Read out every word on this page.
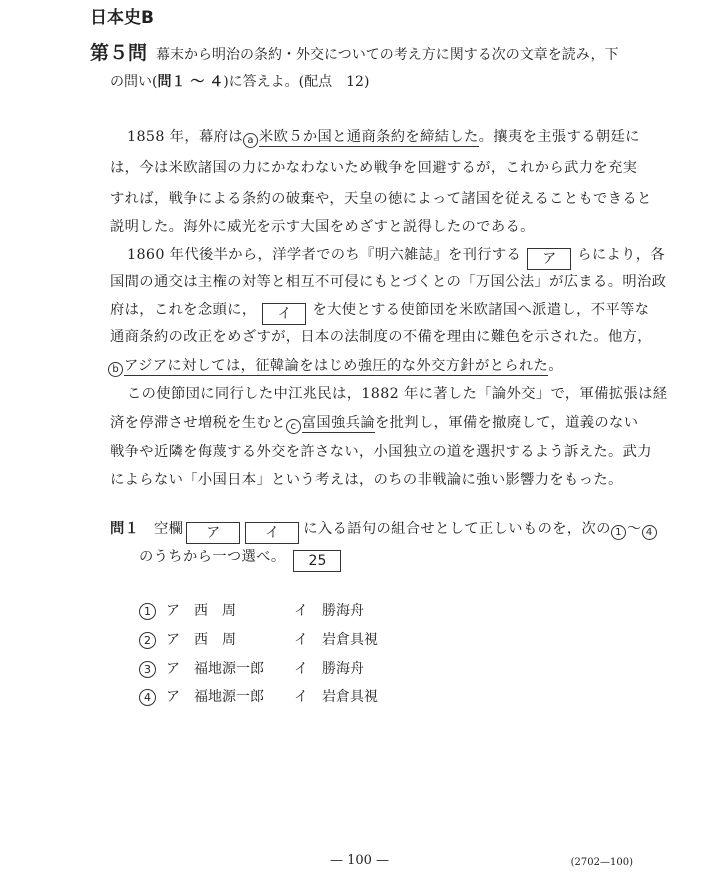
日本史B
第５問 幕末から明治の条約・外交についての考え方に関する次の文章を読み，下
の問い(問１ ～ ４)に答えよ。(配点　12)
1858 年，幕府は a 米欧５か国と通商条約を締結した。攘夷を主張する朝廷に
は，今は米欧諸国の力にかなわないため戦争を回避するが，これから武力を充実
すれば，戦争による条約の破棄や，天皇の徳によって諸国を従えることもできると
説明した。海外に威光を示す大国をめざすと説得したのである。
1860 年代後半から，洋学者でのち『明六雑誌』を刊行する ア らにより，各
国間の通交は主権の対等と相互不可侵にもとづくとの「万国公法」が広まる。明治政
府は，これを念頭に， イ を大使とする使節団を米欧諸国へ派遣し，不平等な
通商条約の改正をめざすが，日本の法制度の不備を理由に難色を示された。他方，
b アジアに対しては，征韓論をはじめ強圧的な外交方針がとられた。
この使節団に同行した中江兆民は，1882 年に著した「論外交」で，軍備拡張は経
済を停滞させ増税を生むと c 富国強兵論を批判し，軍備を撤廃して，道義のない
戦争や近隣を侮蔑する外交を許さない，小国独立の道を選択するよう訴えた。武力
によらない「小国日本」という考えは，のちの非戦論に強い影響力をもった。
問１　 空欄 ア	イ に入る語句の組合せとして正しいものを，次の 1 ～ 4
のうちから一つ選べ。 25
1 ア 西　周	イ 勝海舟
2 ア 西　周	イ 岩倉具視
3 ア 福地源一郎 イ 勝海舟
4 ア 福地源一郎 イ 岩倉具視
— 100 —	(2702—100)
